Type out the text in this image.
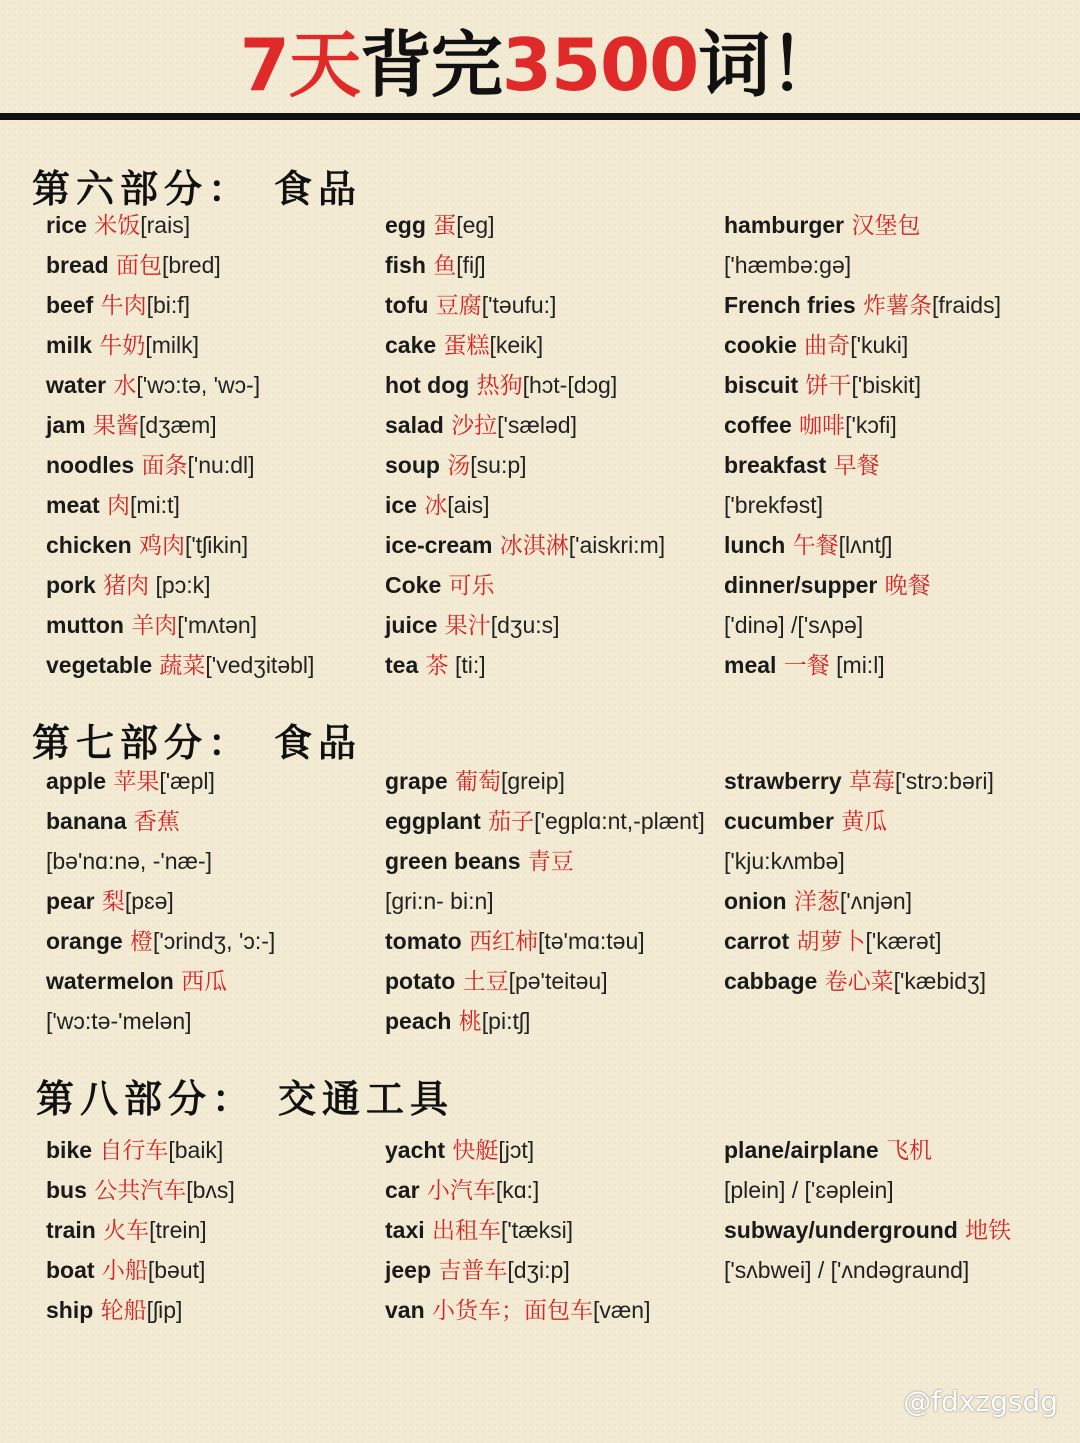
7天背完3500词！
第六部分： 食品
rice 米饭[rais]
bread 面包[bred]
beef 牛肉[bi:f]
milk 牛奶[milk]
water 水['wɔ:tə, 'wɔ-]
jam 果酱[dʒæm]
noodles 面条['nu:dl]
meat 肉[mi:t]
chicken 鸡肉['tʃikin]
pork 猪肉 [pɔ:k]
mutton 羊肉['mʌtən]
vegetable 蔬菜['vedʒitəbl]
egg 蛋[eg]
fish 鱼[fiʃ]
tofu 豆腐['təufu:]
cake 蛋糕[keik]
hot dog 热狗[hɔt-[dɔg]
salad 沙拉['sæləd]
soup 汤[su:p]
ice 冰[ais]
ice-cream 冰淇淋['aiskri:m]
Coke 可乐
juice 果汁[dʒu:s]
tea 茶 [ti:]
hamburger 汉堡包
['hæmbə:gə]
French fries 炸薯条[fraids]
cookie 曲奇['kuki]
biscuit 饼干['biskit]
coffee 咖啡['kɔfi]
breakfast 早餐
['brekfəst]
lunch 午餐[lʌntʃ]
dinner/supper 晚餐
['dinə] /['sʌpə]
meal 一餐 [mi:l]
第七部分： 食品
apple 苹果['æpl]
banana 香蕉
[bə'nɑ:nə, -'næ-]
pear 梨[pɛə]
orange 橙['ɔrindʒ, 'ɔ:-]
watermelon 西瓜
['wɔ:tə-'melən]
grape 葡萄[greip]
eggplant 茄子['egplɑ:nt,-plænt]
green beans 青豆
[gri:n- bi:n]
tomato 西红柿[tə'mɑ:təu]
potato 土豆[pə'teitəu]
peach 桃[pi:tʃ]
strawberry 草莓['strɔ:bəri]
cucumber 黄瓜
['kju:kʌmbə]
onion 洋葱['ʌnjən]
carrot 胡萝卜['kærət]
cabbage 卷心菜['kæbidʒ]
第八部分： 交通工具
bike 自行车[baik]
bus 公共汽车[bʌs]
train 火车[trein]
boat 小船[bəut]
ship 轮船[ʃip]
yacht 快艇[jɔt]
car 小汽车[kɑ:]
taxi 出租车['tæksi]
jeep 吉普车[dʒi:p]
van 小货车；面包车[væn]
plane/airplane 飞机
[plein] / ['ɛəplein]
subway/underground 地铁
['sʌbwei] / ['ʌndəgraund]
@fdxzgsdg
